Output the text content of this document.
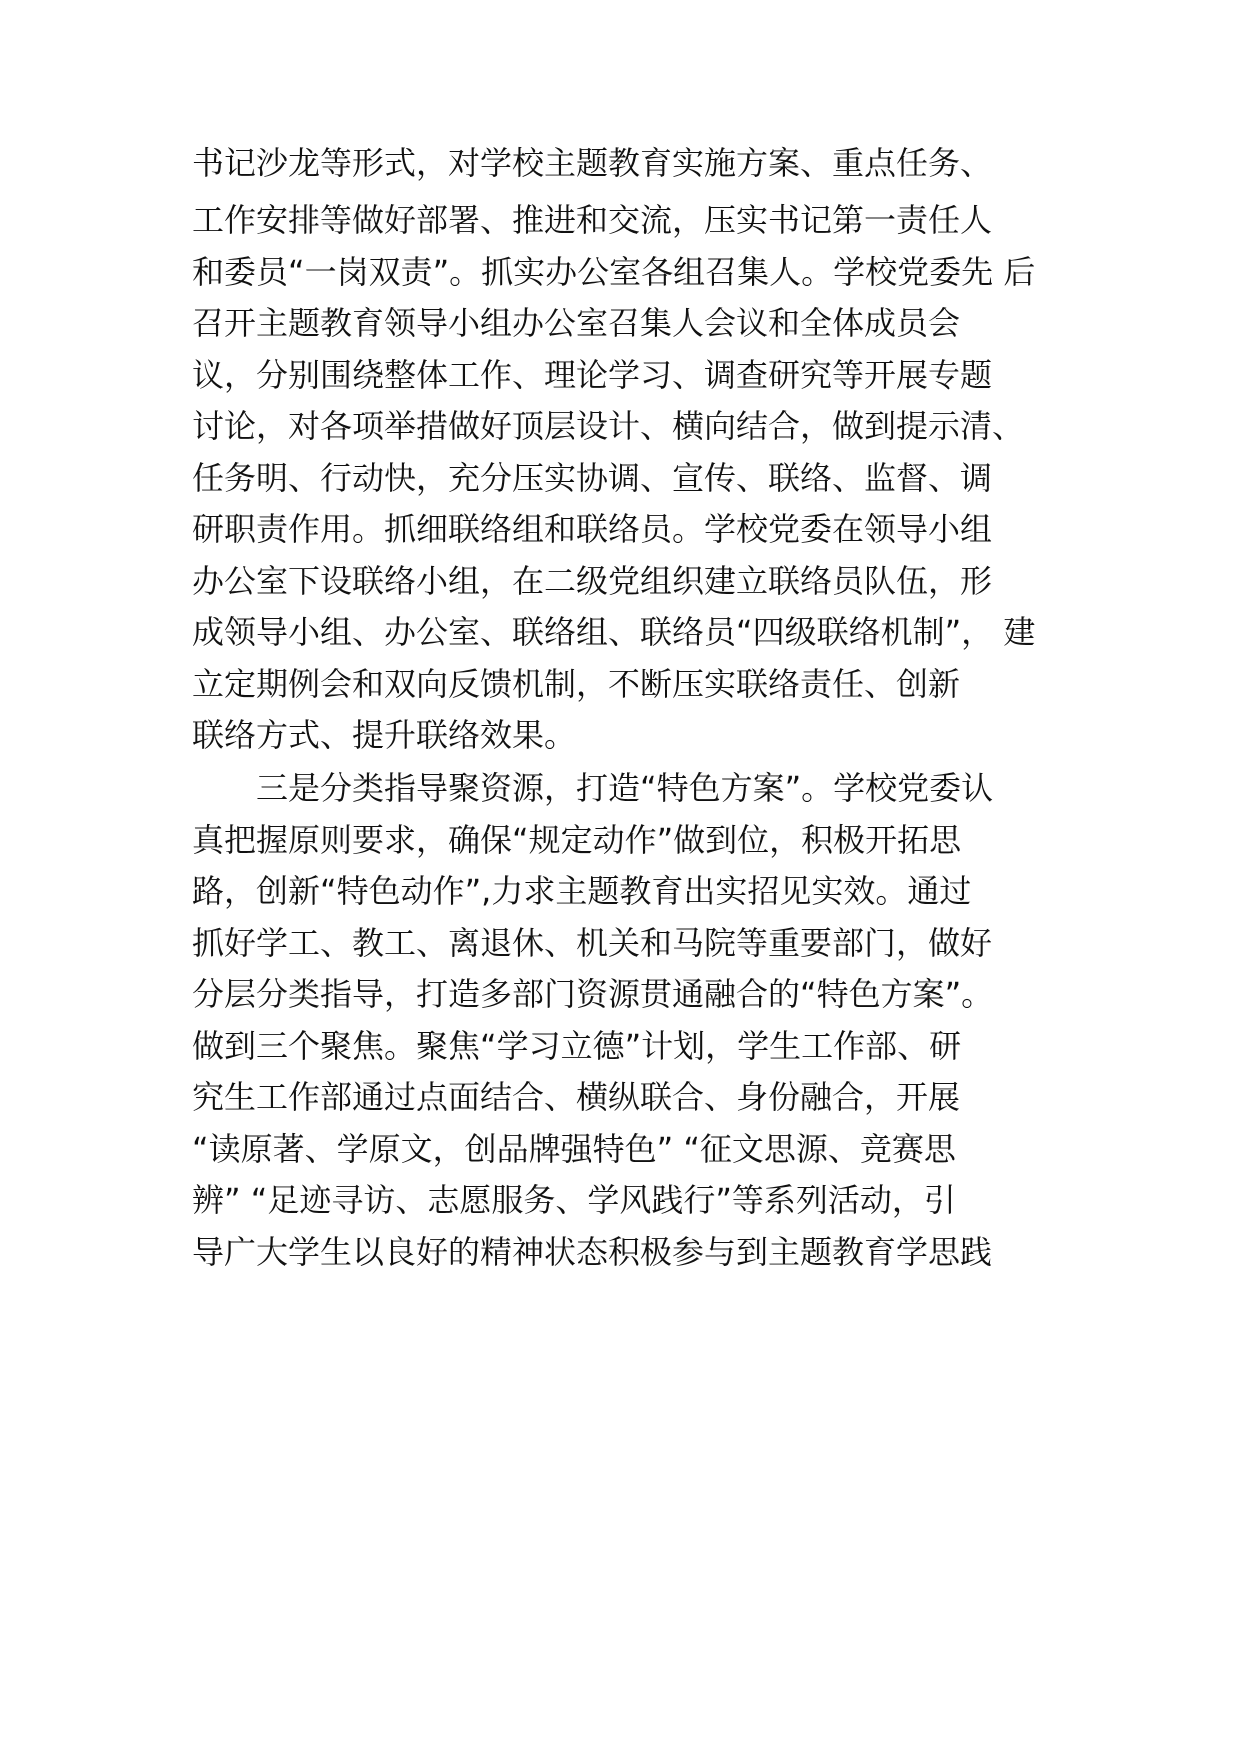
书记沙龙等形式，对学校主题教育实施方案、重点任务、

工作安排等做好部署、推进和交流，压实书记第一责任人

和委员“一岗双责”。抓实办公室各组召集人。学校党委先 后

召开主题教育领导小组办公室召集人会议和全体成员会

议，分别围绕整体工作、理论学习、调查研究等开展专题

讨论，对各项举措做好顶层设计、横向结合，做到提示清、

任务明、行动快，充分压实协调、宣传、联络、监督、调

研职责作用。抓细联络组和联络员。学校党委在领导小组

办公室下设联络小组，在二级党组织建立联络员队伍，形

成领导小组、办公室、联络组、联络员“四级联络机制”， 建

立定期例会和双向反馈机制，不断压实联络责任、创新

联络方式、提升联络效果。

三是分类指导聚资源，打造“特色方案”。学校党委认

真把握原则要求，确保“规定动作”做到位，积极开拓思

路，创新“特色动作”,力求主题教育出实招见实效。通过

抓好学工、教工、离退休、机关和马院等重要部门，做好

分层分类指导，打造多部门资源贯通融合的“特色方案”。

做到三个聚焦。聚焦“学习立德”计划，学生工作部、研

究生工作部通过点面结合、横纵联合、身份融合，开展

“读原著、学原文，创品牌强特色” “征文思源、竞赛思

辨” “足迹寻访、志愿服务、学风践行”等系列活动，引

导广大学生以良好的精神状态积极参与到主题教育学思践
